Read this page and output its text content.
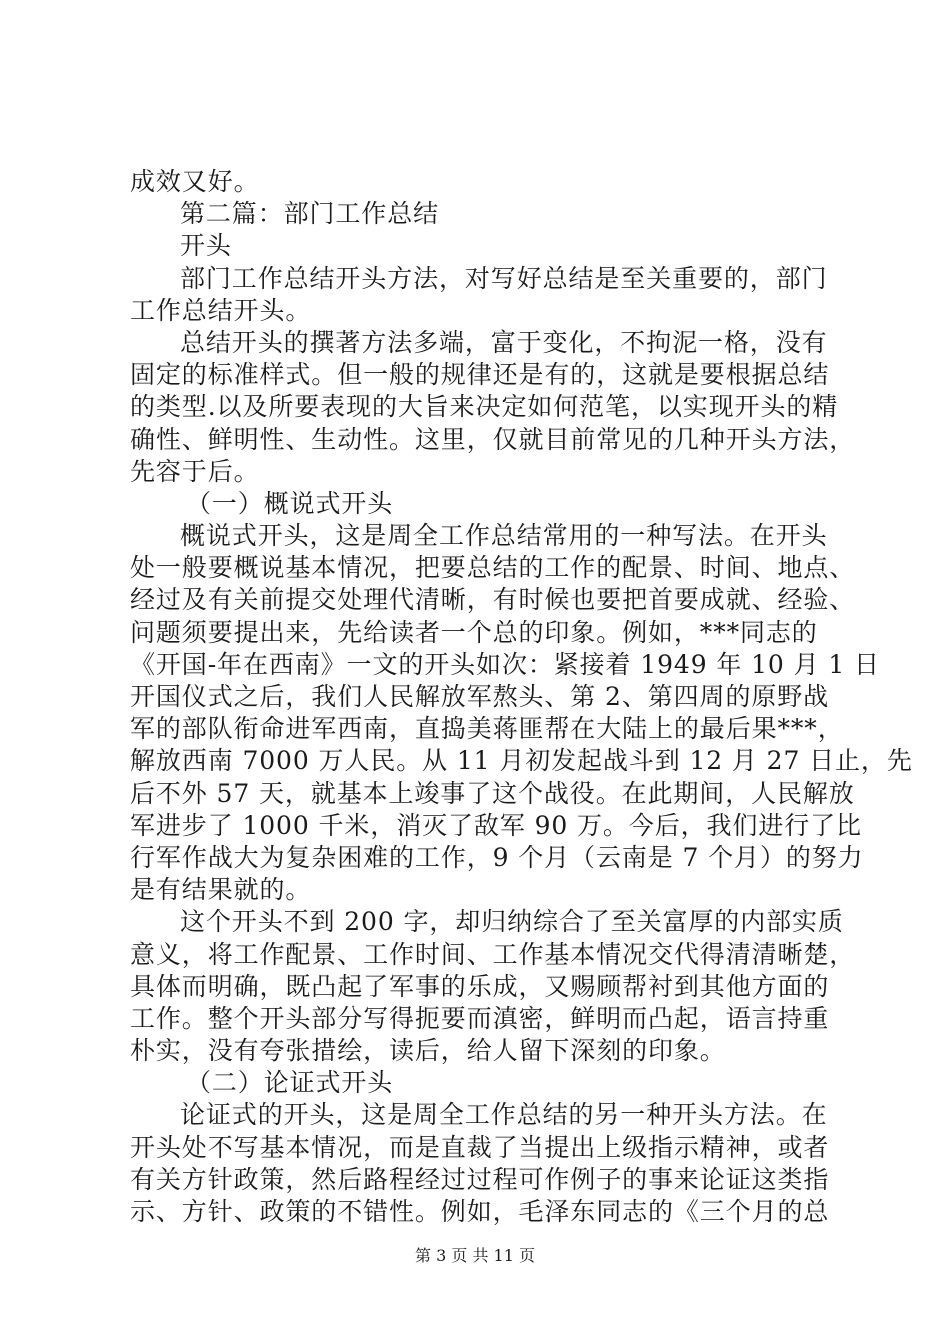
成效又好。
第二篇：部门工作总结
开头
部门工作总结开头方法，对写好总结是至关重要的，部门
工作总结开头。
总结开头的撰著方法多端，富于变化，不拘泥一格，没有
固定的标准样式。但一般的规律还是有的，这就是要根据总结
的类型.以及所要表现的大旨来决定如何范笔，以实现开头的精
确性、鲜明性、生动性。这里，仅就目前常见的几种开头方法，
先容于后。
（一）概说式开头
概说式开头，这是周全工作总结常用的一种写法。在开头
处一般要概说基本情况，把要总结的工作的配景、时间、地点、
经过及有关前提交处理代清晰，有时候也要把首要成就、经验、
问题须要提出来，先给读者一个总的印象。例如，***同志的
《开国-年在西南》一文的开头如次：紧接着 1949 年 10 月 1 日
开国仪式之后，我们人民解放军熬头、第 2、第四周的原野战
军的部队衔命进军西南，直捣美蒋匪帮在大陆上的最后果***，
解放西南 7000 万人民。从 11 月初发起战斗到 12 月 27 日止，先
后不外 57 天，就基本上竣事了这个战役。在此期间，人民解放
军进步了 1000 千米，消灭了敌军 90 万。今后，我们进行了比
行军作战大为复杂困难的工作，9 个月（云南是 7 个月）的努力
是有结果就的。
这个开头不到 200 字，却归纳综合了至关富厚的内部实质
意义，将工作配景、工作时间、工作基本情况交代得清清晰楚，
具体而明确，既凸起了军事的乐成，又赐顾帮衬到其他方面的
工作。整个开头部分写得扼要而滇密，鲜明而凸起，语言持重
朴实，没有夸张措绘，读后，给人留下深刻的印象。
（二）论证式开头
论证式的开头，这是周全工作总结的另一种开头方法。在
开头处不写基本情况，而是直裁了当提出上级指示精神，或者
有关方针政策，然后路程经过过程可作例子的事来论证这类指
示、方针、政策的不错性。例如，毛泽东同志的《三个月的总
第 3 页 共 11 页
